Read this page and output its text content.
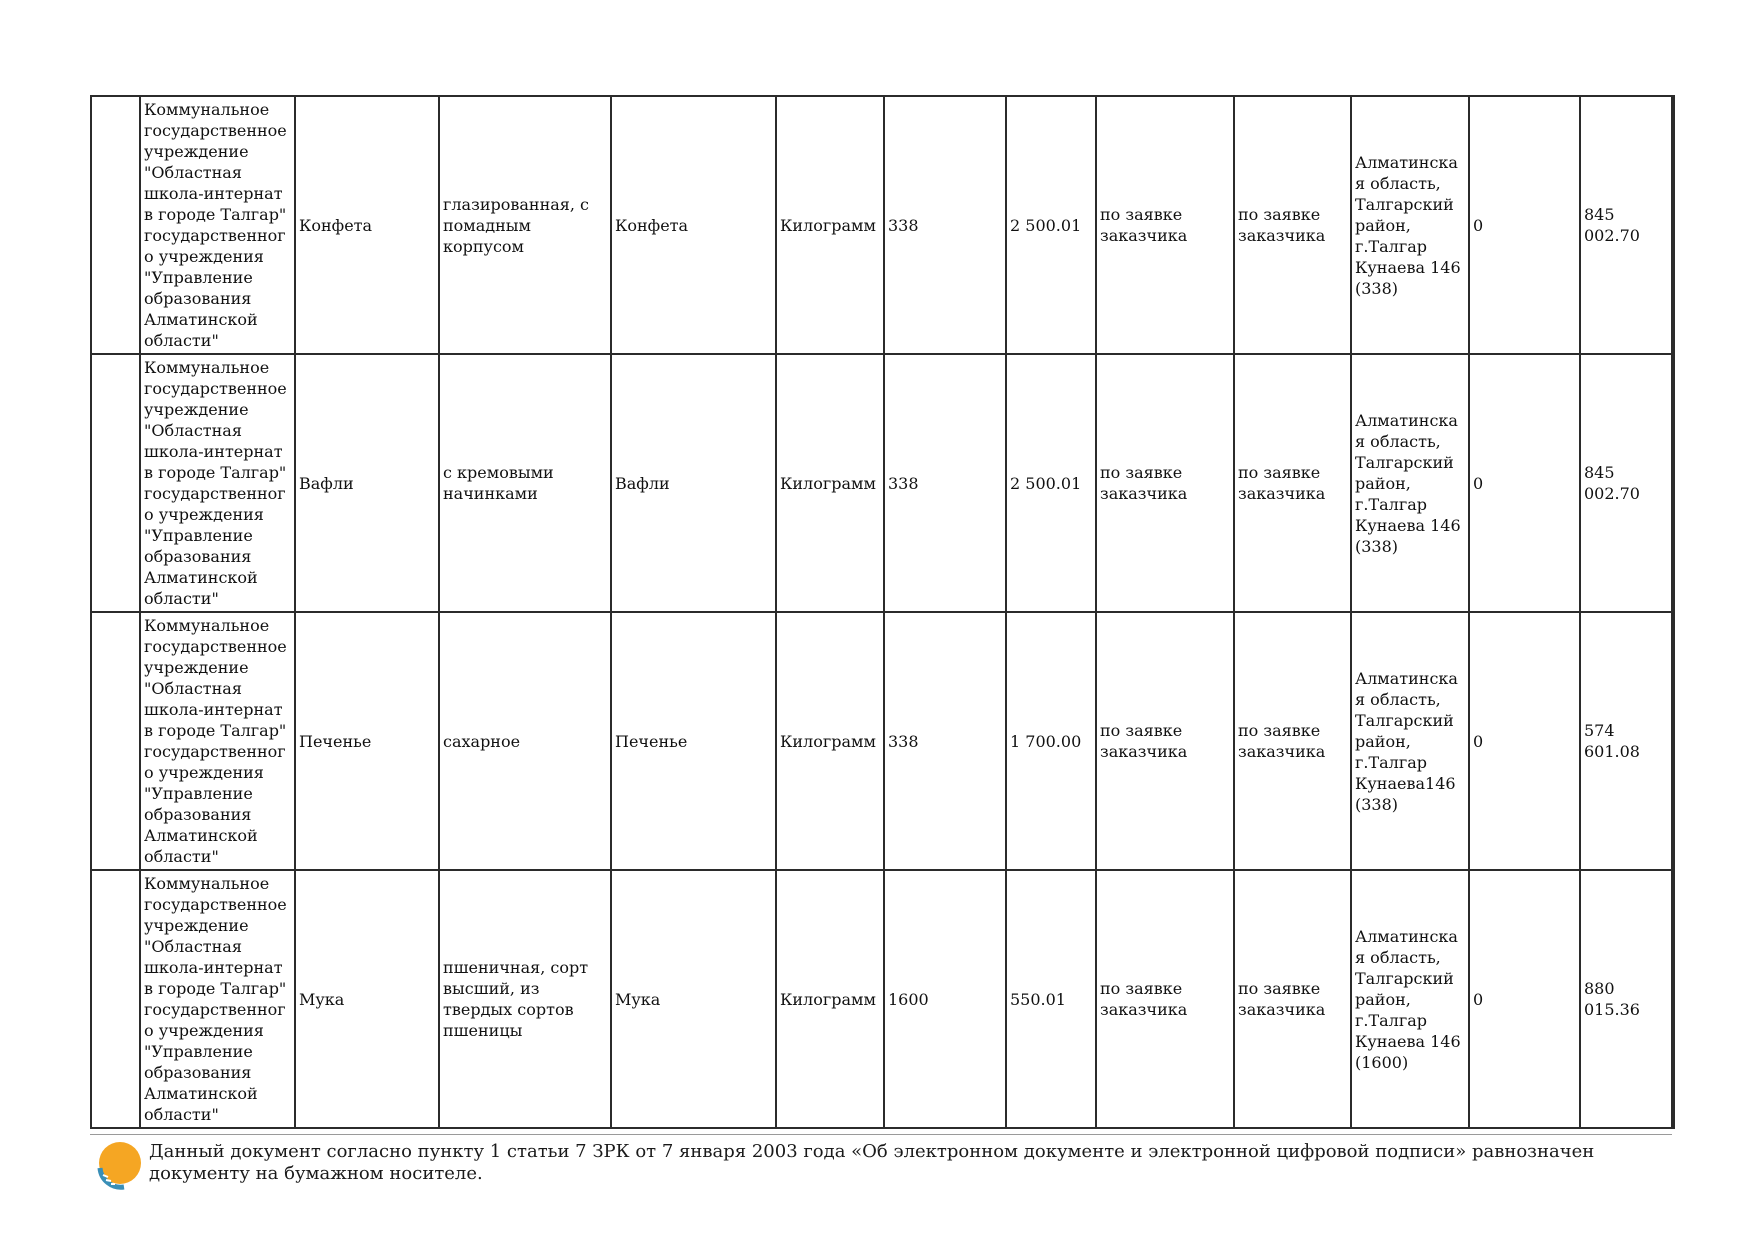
	Коммунальное государственное учреждение "Областная школа-интернат в городе Талгар" государственного учреждения "Управление образования Алматинской области"	Конфета	глазированная, с помадным корпусом	Конфета	Килограмм	338	2 500.01	по заявке заказчика	по заявке заказчика	Алматинская область, Талгарский район, г.Талгар Кунаева 146 (338)	0	845 002.70
	Коммунальное государственное учреждение "Областная школа-интернат в городе Талгар" государственного учреждения "Управление образования Алматинской области"	Вафли	с кремовыми начинками	Вафли	Килограмм	338	2 500.01	по заявке заказчика	по заявке заказчика	Алматинская область, Талгарский район, г.Талгар Кунаева 146 (338)	0	845 002.70
	Коммунальное государственное учреждение "Областная школа-интернат в городе Талгар" государственного учреждения "Управление образования Алматинской области"	Печенье	сахарное	Печенье	Килограмм	338	1 700.00	по заявке заказчика	по заявке заказчика	Алматинская область, Талгарский район, г.Талгар Кунаева146 (338)	0	574 601.08
	Коммунальное государственное учреждение "Областная школа-интернат в городе Талгар" государственного учреждения "Управление образования Алматинской области"	Мука	пшеничная, сорт высший, из твердых сортов пшеницы	Мука	Килограмм	1600	550.01	по заявке заказчика	по заявке заказчика	Алматинская область, Талгарский район, г.Талгар Кунаева 146 (1600)	0	880 015.36
Данный документ согласно пункту 1 статьи 7 ЗРК от 7 января 2003 года «Об электронном документе и электронной цифровой подписи» равнозначен документу на бумажном носителе.
